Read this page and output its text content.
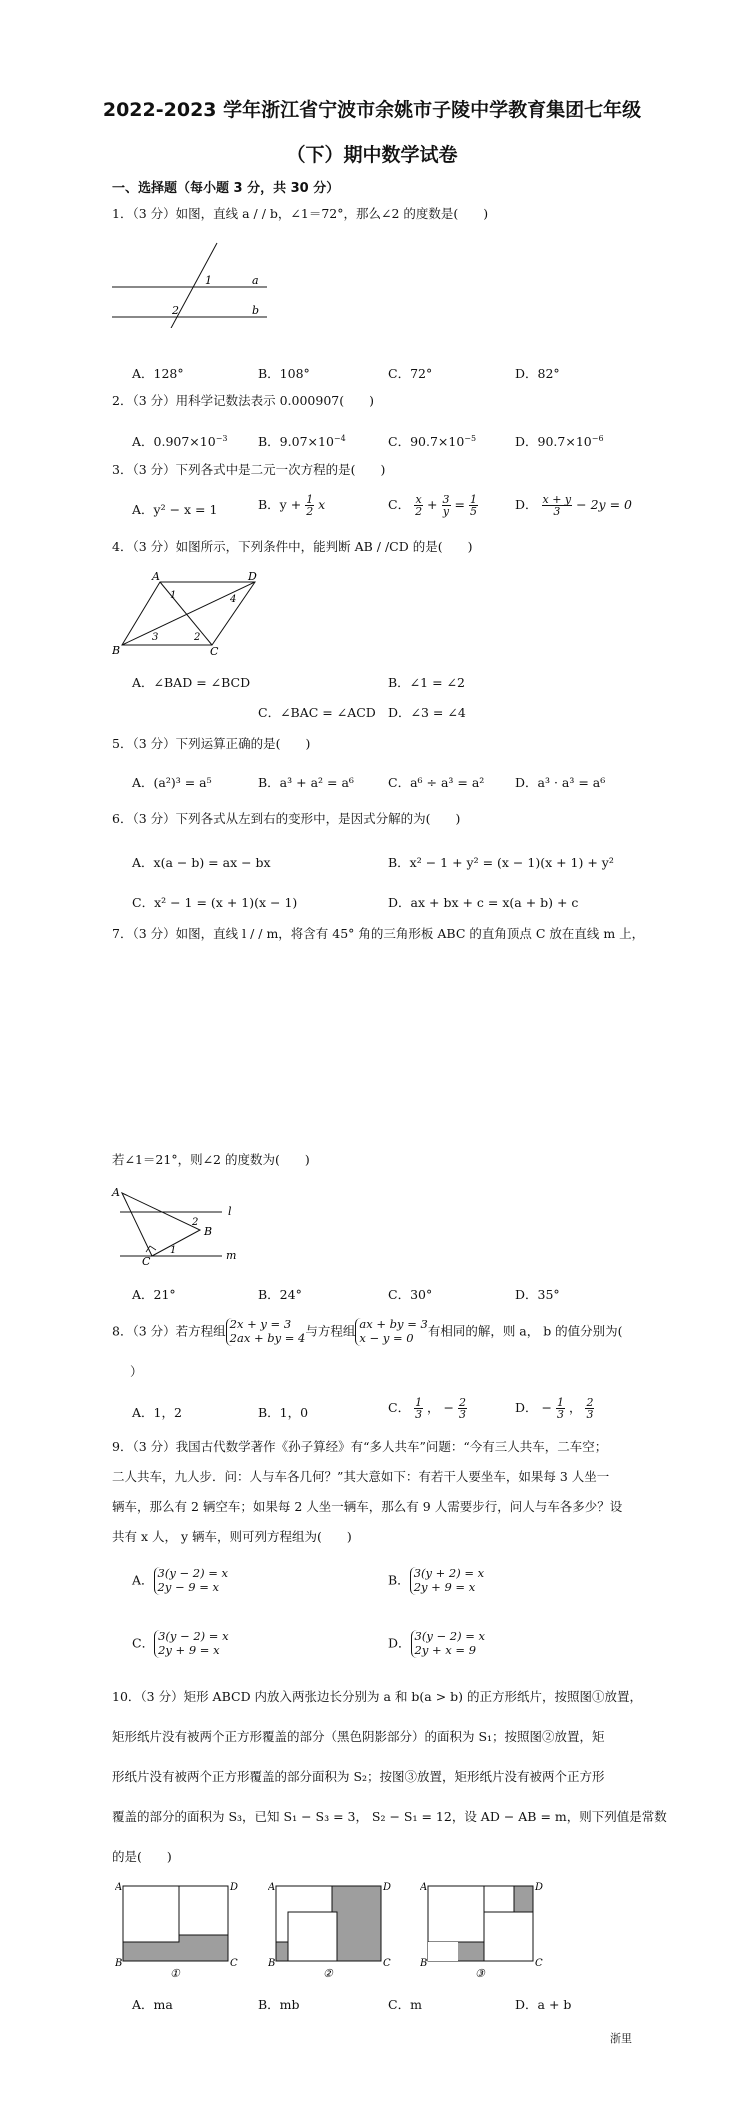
2022-2023 学年浙江省宁波市余姚市子陵中学教育集团七年级
（下）期中数学试卷
一、选择题（每小题 3 分，共 30 分）
1．（3 分）如图，直线 a / / b，∠1＝72°，那么∠2 的度数是(　　)
1
2
a
b
A．128°	B．108°	C．72°	D．82°
2．（3 分）用科学记数法表示 0.000907(　　)
A．$0.907\times 10^{-3}$ B．$9.07\times 10^{-4}$	C．$90.7\times 10^{-5}$	D．$90.7\times 10^{-6}$
3．（3 分）下列各式中是二元一次方程的是(　　)
A．y² − x = 1	B．$y + \frac{1}{2}$ x	C． $\frac{x}{2} + \frac{3}{y} = \frac{1}{5}$	D． $\frac{x + y}{3} - 2y = 0$
4．（3 分）如图所示，下列条件中，能判断 AB / /CD 的是(　　)
A	D
B	C
1
2
3
4
A．∠BAD = ∠BCD	B．∠1 = ∠2
C．∠BAC = ∠ACD D．∠3 = ∠4
5．（3 分）下列运算正确的是(　　)
A．(a²)³ = a⁵	B．a³ + a² = a⁶	C．a⁶ ÷ a³ = a² D．a³ · a³ = a⁶
6．（3 分）下列各式从左到右的变形中，是因式分解的为(　　)
A．x(a − b) = ax − bx	B．x² − 1 + y² = (x − 1)(x + 1) + y²
C．x² − 1 = (x + 1)(x − 1)	D．ax + bx + c = x(a + b) + c
7．（3 分）如图，直线 l / / m，将含有 45° 角的三角形板 ABC 的直角顶点 C 放在直线 m 上，
若∠1＝21°，则∠2 的度数为(　　)
A
l
2
B
1
C	m
A．21°	B．24°	C．30°	D．35°
8．（3 分）若方程组 2x + y = 3
2ax + by = 4 与方程组 ax + by = 3
x − y = 0	有相同的解，则 a， b 的值分别为(
）
A．1，2	B．1，0	C． $\frac{1}{3}$ ， − $\frac{2}{3}$	D． − $\frac{1}{3}$ ， $\frac{2}{3}$
9．（3 分）我国古代数学著作《孙子算经》有“多人共车”问题：“今有三人共车，二车空；
二人共车，九人步．问：人与车各几何？”其大意如下：有若干人要坐车，如果每 3 人坐一
辆车，那么有 2 辆空车；如果每 2 人坐一辆车，那么有 9 人需要步行，问人与车各多少？设
共有 x 人， y 辆车，则可列方程组为(　　)
A． 3(y − 2) = x
2y − 9 = x	B． 3(y + 2) = x
2y + 9 = x
C． 3(y − 2) = x
2y + 9 = x	D． 3(y − 2) = x
2y + x = 9
10．（3 分）矩形 ABCD 内放入两张边长分别为 a 和 b(a > b) 的正方形纸片，按照图①放置，
矩形纸片没有被两个正方形覆盖的部分（黑色阴影部分）的面积为 S₁；按照图②放置，矩
形纸片没有被两个正方形覆盖的部分面积为 S₂；按图③放置，矩形纸片没有被两个正方形
覆盖的部分的面积为 S₃，已知 S₁ − S₃ = 3， S₂ − S₁ = 12，设 AD − AB = m，则下列值是常数
的是(　　)
A	D
B	C
①
A	D
B	C
②
A	D
B	C
③
A．ma	B．mb	C．m	D．a + b
浙里
